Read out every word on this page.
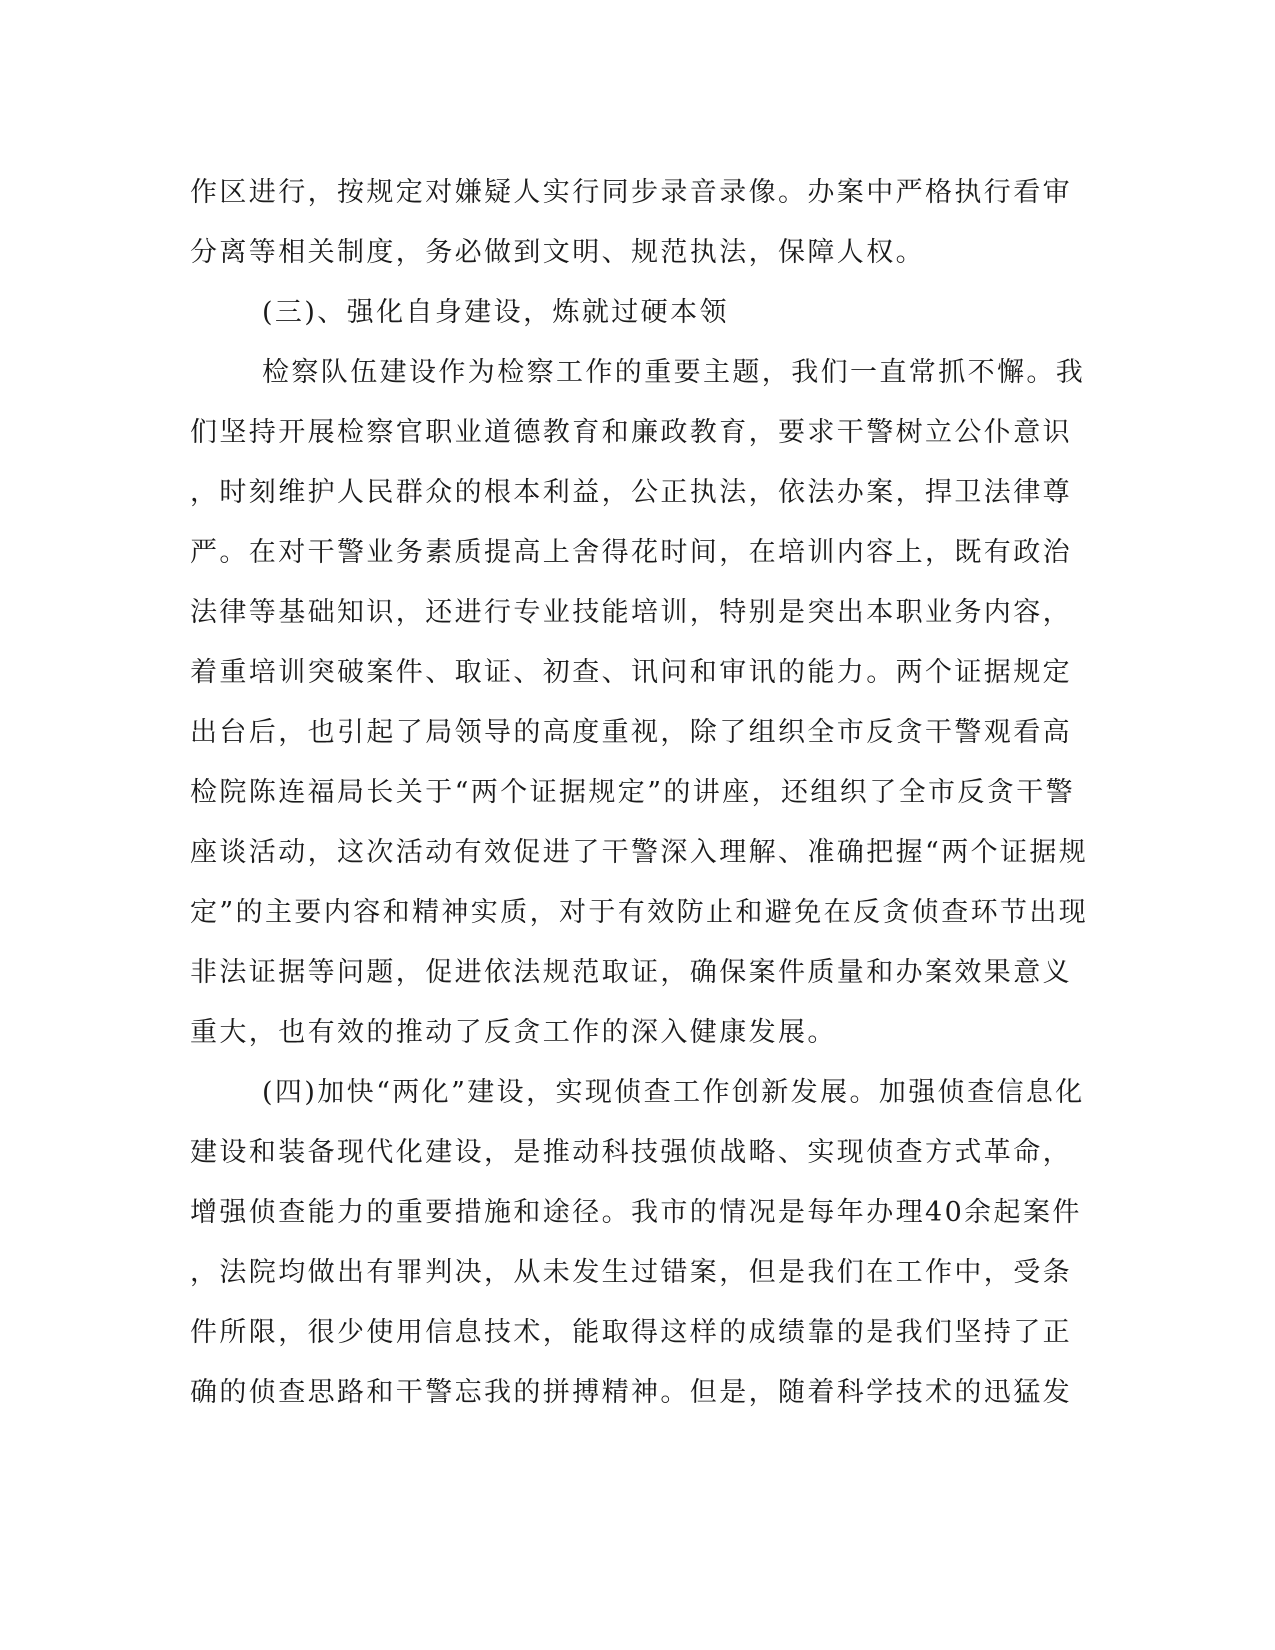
作区进行，按规定对嫌疑人实行同步录音录像。办案中严格执行看审
分离等相关制度，务必做到文明、规范执法，保障人权。
(三)、强化自身建设，炼就过硬本领
检察队伍建设作为检察工作的重要主题，我们一直常抓不懈。我
们坚持开展检察官职业道德教育和廉政教育，要求干警树立公仆意识
，时刻维护人民群众的根本利益，公正执法，依法办案，捍卫法律尊
严。在对干警业务素质提高上舍得花时间，在培训内容上，既有政治
法律等基础知识，还进行专业技能培训，特别是突出本职业务内容，
着重培训突破案件、取证、初查、讯问和审讯的能力。两个证据规定
出台后，也引起了局领导的高度重视，除了组织全市反贪干警观看高
检院陈连福局长关于“两个证据规定”的讲座，还组织了全市反贪干警
座谈活动，这次活动有效促进了干警深入理解、准确把握“两个证据规
定”的主要内容和精神实质，对于有效防止和避免在反贪侦查环节出现
非法证据等问题，促进依法规范取证，确保案件质量和办案效果意义
重大，也有效的推动了反贪工作的深入健康发展。
(四)加快“两化”建设，实现侦查工作创新发展。加强侦查信息化
建设和装备现代化建设，是推动科技强侦战略、实现侦查方式革命，
增强侦查能力的重要措施和途径。我市的情况是每年办理40余起案件
，法院均做出有罪判决，从未发生过错案，但是我们在工作中，受条
件所限，很少使用信息技术，能取得这样的成绩靠的是我们坚持了正
确的侦查思路和干警忘我的拼搏精神。但是，随着科学技术的迅猛发
